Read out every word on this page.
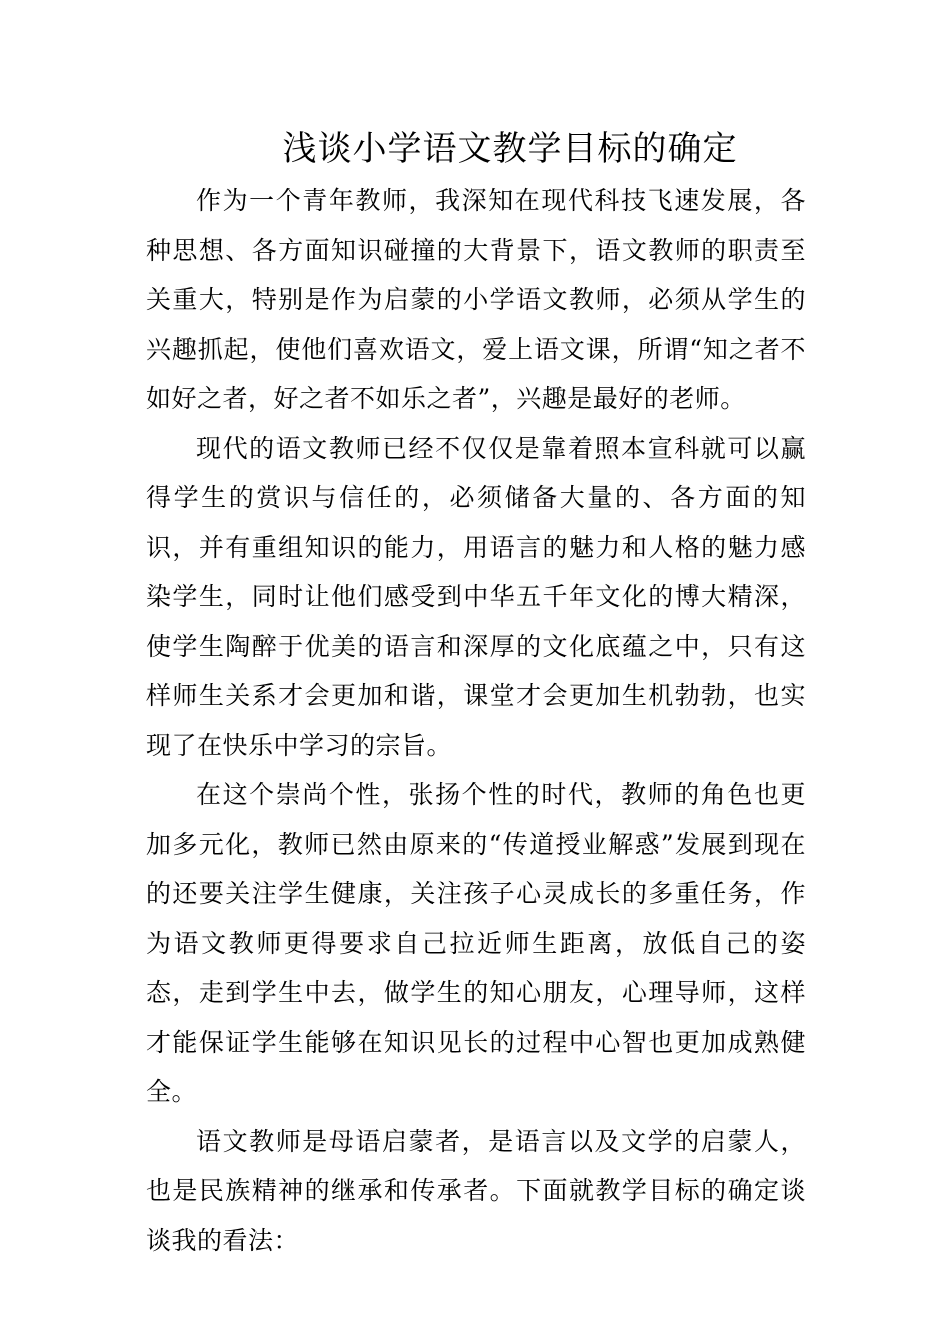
浅谈小学语文教学目标的确定

作为一个青年教师，我深知在现代科技飞速发展，各种思想、各方面知识碰撞的大背景下，语文教师的职责至关重大，特别是作为启蒙的小学语文教师，必须从学生的兴趣抓起，使他们喜欢语文，爱上语文课，所谓“知之者不如好之者，好之者不如乐之者”，兴趣是最好的老师。

现代的语文教师已经不仅仅是靠着照本宣科就可以赢得学生的赏识与信任的，必须储备大量的、各方面的知识，并有重组知识的能力，用语言的魅力和人格的魅力感染学生，同时让他们感受到中华五千年文化的博大精深，使学生陶醉于优美的语言和深厚的文化底蕴之中，只有这样师生关系才会更加和谐，课堂才会更加生机勃勃，也实现了在快乐中学习的宗旨。

在这个崇尚个性，张扬个性的时代，教师的角色也更加多元化，教师已然由原来的“传道授业解惑”发展到现在的还要关注学生健康，关注孩子心灵成长的多重任务，作为语文教师更得要求自己拉近师生距离，放低自己的姿态，走到学生中去，做学生的知心朋友，心理导师，这样才能保证学生能够在知识见长的过程中心智也更加成熟健全。

语文教师是母语启蒙者，是语言以及文学的启蒙人，也是民族精神的继承和传承者。下面就教学目标的确定谈谈我的看法：
